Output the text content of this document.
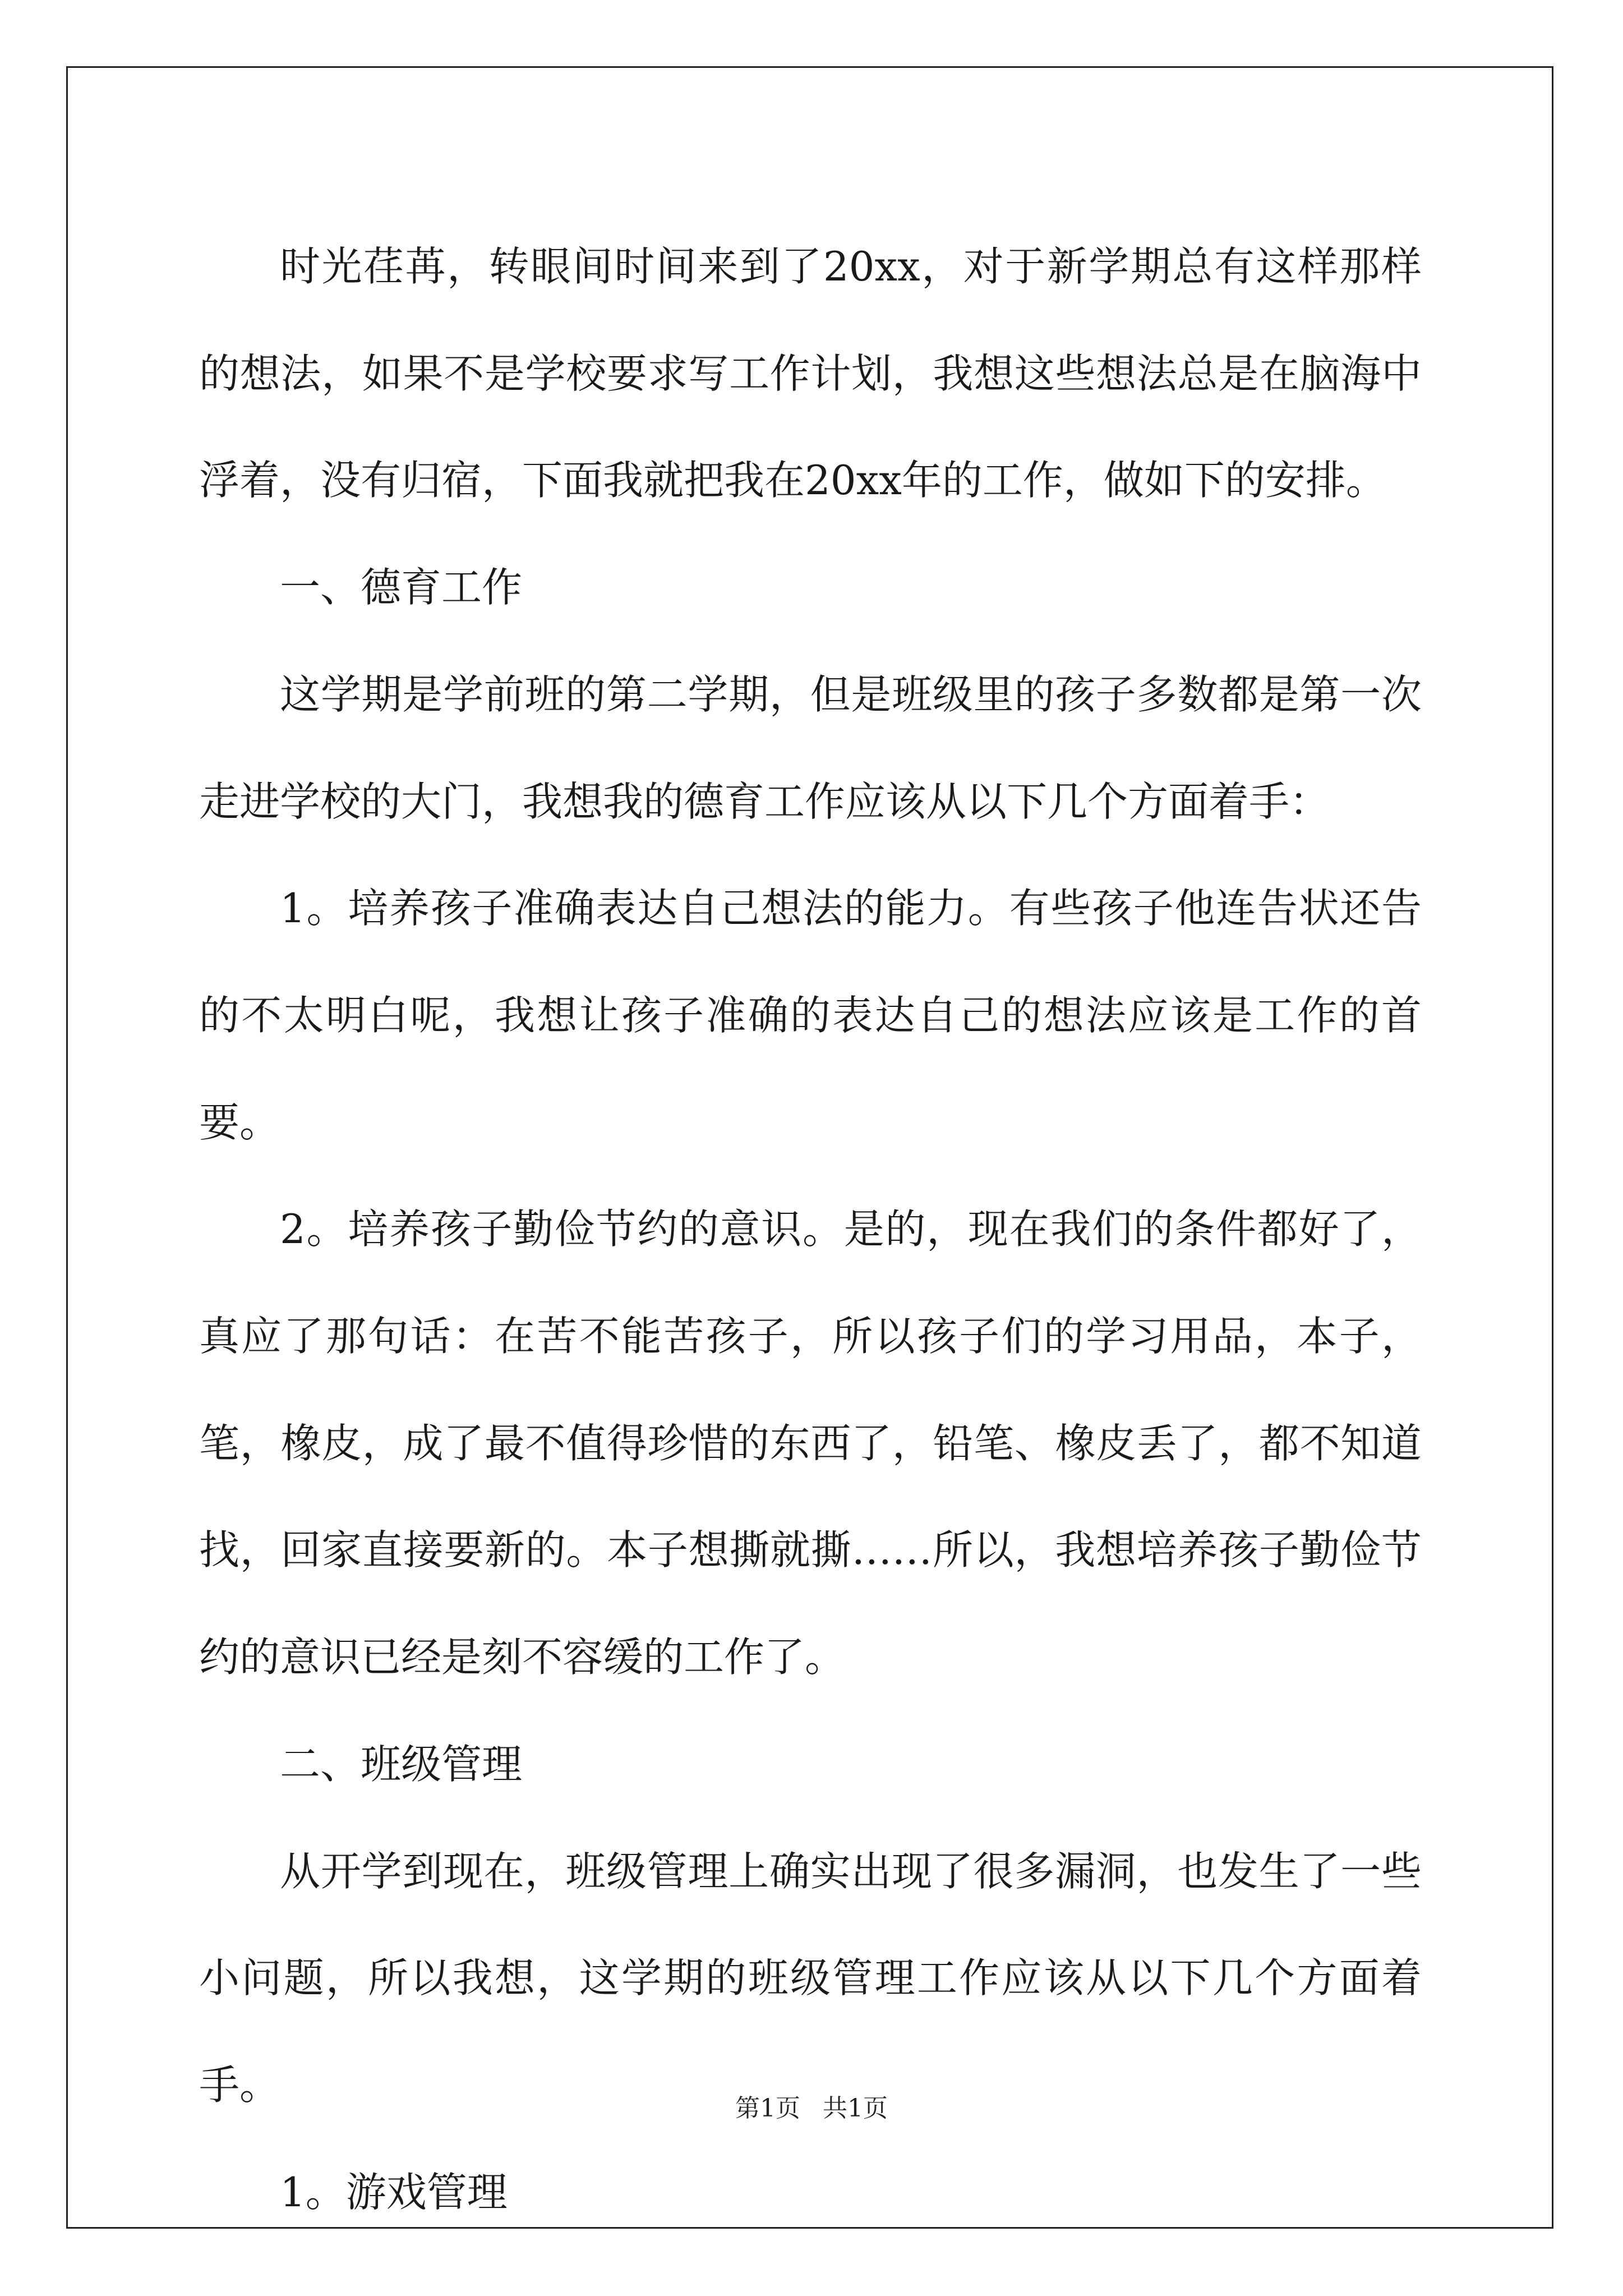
时光荏苒，转眼间时间来到了20xx，对于新学期总有这样那样的想法，如果不是学校要求写工作计划，我想这些想法总是在脑海中浮着，没有归宿，下面我就把我在20xx年的工作，做如下的安排。

一、德育工作

这学期是学前班的第二学期，但是班级里的孩子多数都是第一次走进学校的大门，我想我的德育工作应该从以下几个方面着手：

1。培养孩子准确表达自己想法的能力。有些孩子他连告状还告的不太明白呢，我想让孩子准确的表达自己的想法应该是工作的首要。

2。培养孩子勤俭节约的意识。是的，现在我们的条件都好了，真应了那句话：在苦不能苦孩子，所以孩子们的学习用品，本子，笔，橡皮，成了最不值得珍惜的东西了，铅笔、橡皮丢了，都不知道找，回家直接要新的。本子想撕就撕……所以，我想培养孩子勤俭节约的意识已经是刻不容缓的工作了。

二、班级管理

从开学到现在，班级管理上确实出现了很多漏洞，也发生了一些小问题，所以我想，这学期的班级管理工作应该从以下几个方面着手。

1。游戏管理

第1页 共1页
